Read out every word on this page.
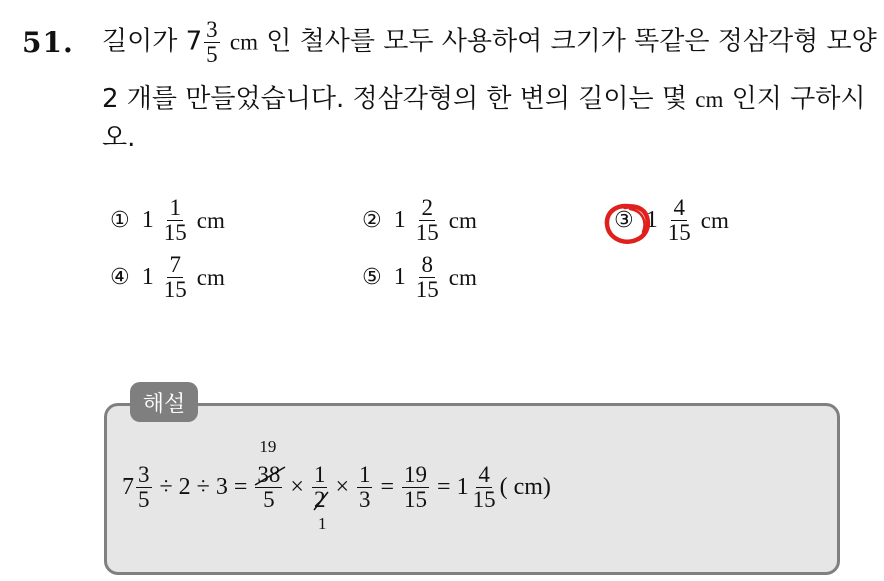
51. 길이가 $7 \frac{3}{5}$ cm 인 철사를 모두 사용하여 크기가 똑같은 정삼각형 모양
2 개를 만들었습니다. 정삼각형의 한 변의 길이는 몇 cm 인지 구하시
오.
① $1 \frac{1}{15}$ cm	② $1 \frac{2}{15}$ cm	③ $1 \frac{4}{15}$ cm
④ $1 \frac{7}{15}$ cm	⑤ $1 \frac{8}{15}$ cm
해설
$7 \frac{3}{5} \div 2 \div 3$ =
19
38
5 × 1
2
1
× $\frac{1}{3} = \frac{19}{15} = 1 \frac{4}{15}$ ( cm)
